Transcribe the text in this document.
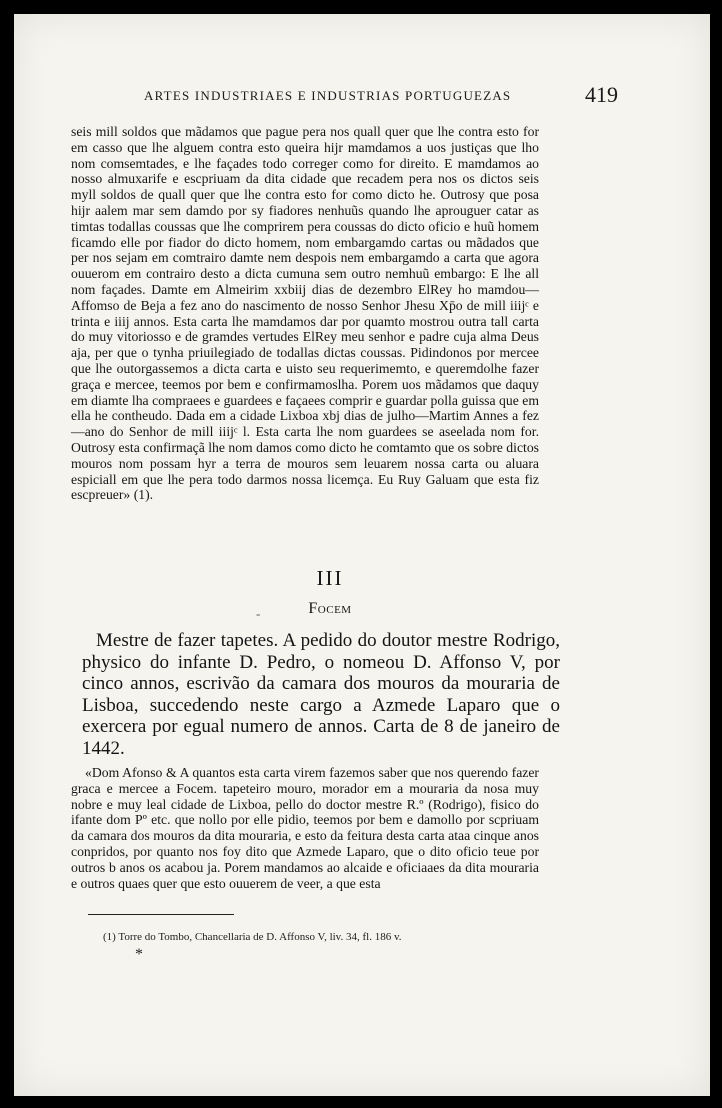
ARTES INDUSTRIAES E INDUSTRIAS PORTUGUEZAS	419

seis mill soldos que mãdamos que pague pera nos quall quer que lhe contra esto for em casso que lhe alguem contra esto queira hijr mamdamos a uos justiças que lho nom comsemtades, e lhe façades todo correger como for direito. E mamdamos ao nosso almuxarife e escpriuam da dita cidade que recadem pera nos os dictos seis myll soldos de quall quer que lhe contra esto for como dicto he. Outrosy que posa hijr aalem mar sem damdo por sy fiadores nenhuũs quando lhe aprouguer catar as timtas todallas coussas que lhe comprirem pera coussas do dicto oficio e huũ homem ficamdo elle por fiador do dicto homem, nom embargamdo cartas ou mãdados que per nos sejam em comtrairo damte nem despois nem embargamdo a carta que agora ouuerom em contrairo desto a dicta cumuna sem outro nemhuũ embargo: E lhe all nom façades. Damte em Almeirim xxbiij dias de dezembro ElRey ho mamdou—Affomso de Beja a fez ano do nascimento de nosso Senhor Jhesu Xp̄o de mill iiijᶜ e trinta e iiij annos. Esta carta lhe mamdamos dar por quamto mostrou outra tall carta do muy vitoriosso e de gramdes vertudes ElRey meu senhor e padre cuja alma Deus aja, per que o tynha priuilegiado de todallas dictas coussas. Pidindonos por mercee que lhe outorgassemos a dicta carta e uisto seu requerimemto, e queremdolhe fazer graça e mercee, teemos por bem e confirmamoslha. Porem uos mãdamos que daquy em diamte lha compraees e guardees e façaees comprir e guardar polla guissa que em ella he contheudo. Dada em a cidade Lixboa xbj dias de julho—Martim Annes a fez—ano do Senhor de mill iiijᶜ l. Esta carta lhe nom guardees se aseelada nom for. Outrosy esta confirmaçã lhe nom damos como dicto he comtamto que os sobre dictos mouros nom possam hyr a terra de mouros sem leuarem nossa carta ou aluara espiciall em que lhe pera todo darmos nossa licemça. Eu Ruy Galuam que esta fiz escpreuer» (1).

III
-	Focem

Mestre de fazer tapetes. A pedido do doutor mestre Rodrigo, physico do infante D. Pedro, o nomeou D. Affonso V, por cinco annos, escrivão da camara dos mouros da mouraria de Lisboa, succedendo neste cargo a Azmede Laparo que o exercera por egual numero de annos. Carta de 8 de janeiro de 1442.

«Dom Afonso & A quantos esta carta virem fazemos saber que nos querendo fazer graca e mercee a Focem. tapeteiro mouro, morador em a mouraria da nosa muy nobre e muy leal cidade de Lixboa, pello do doctor mestre R.º (Rodrigo), fisico do ifante dom Pº etc. que nollo por elle pidio, teemos por bem e damollo por scpriuam da camara dos mouros da dita mouraria, e esto da feitura desta carta ataa cinque anos conpridos, por quanto nos foy dito que Azmede Laparo, que o dito oficio teue por outros b anos os acabou ja. Porem mandamos ao alcaide e oficiaaes da dita mouraria e outros quaes quer que esto ouuerem de veer, a que esta

(1) Torre do Tombo, Chancellaria de D. Affonso V, liv. 34, fl. 186 v.
*
